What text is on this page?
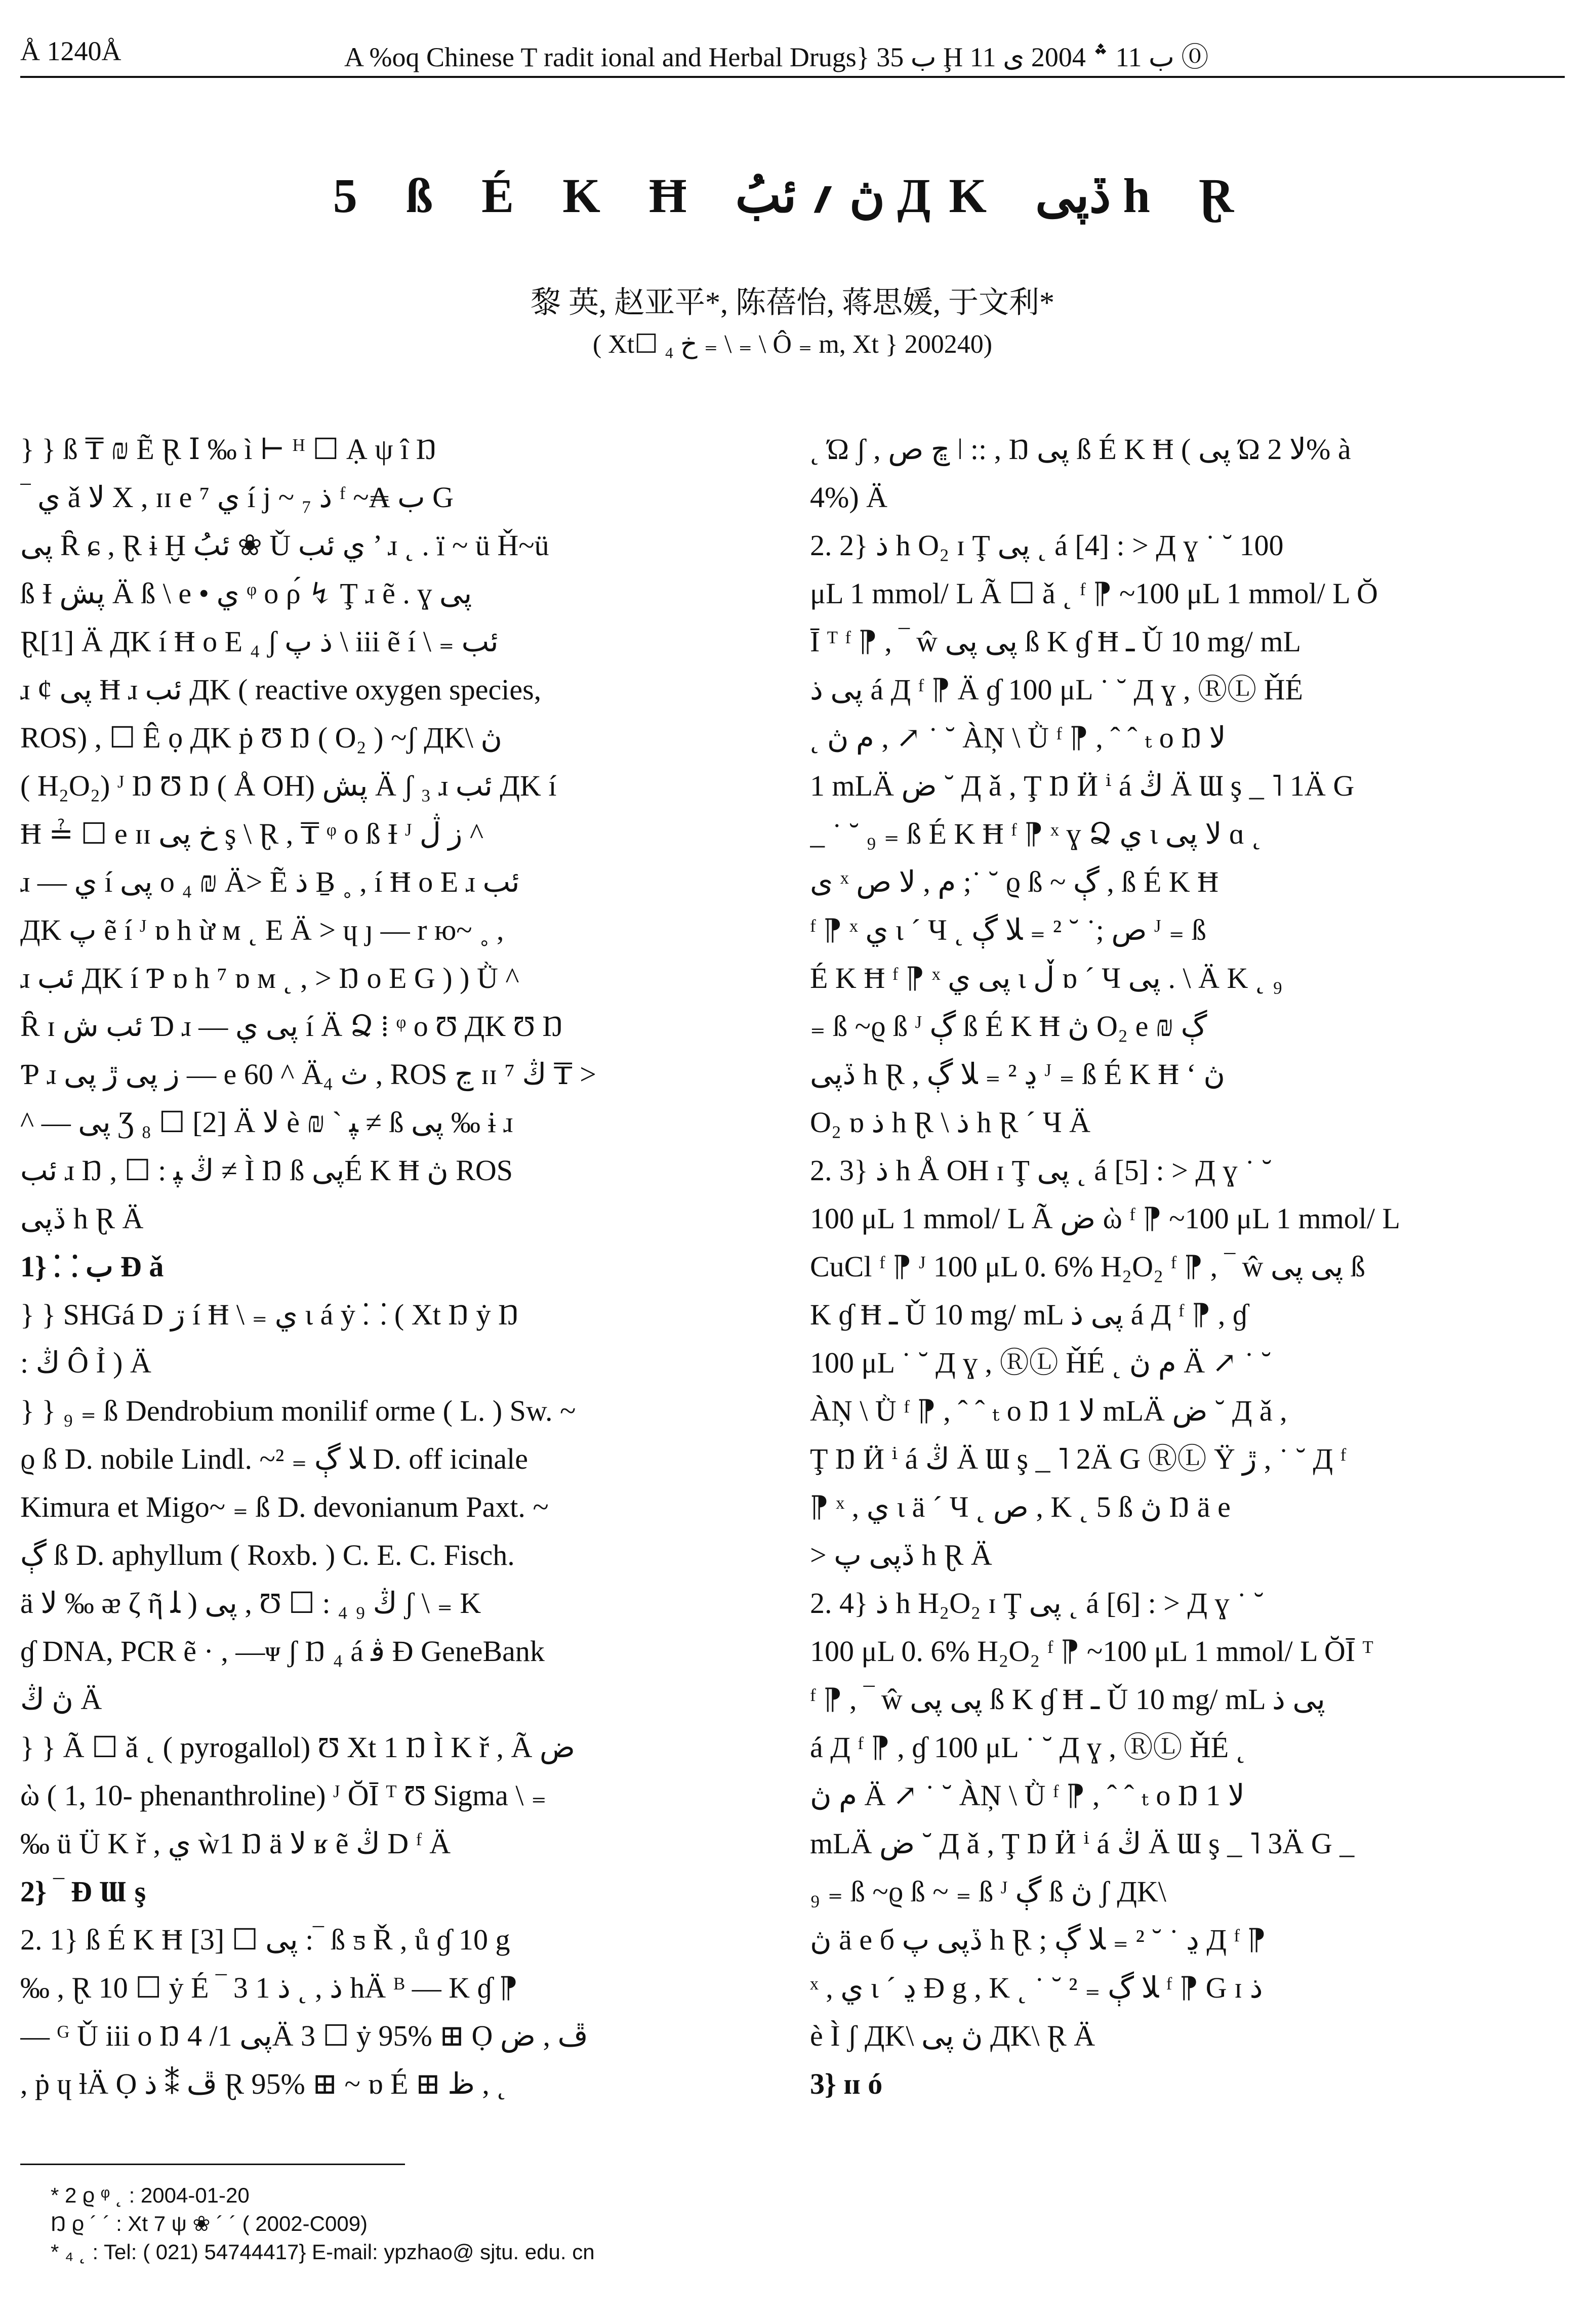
Å 1240Å	A %oq Chinese T radit ional and Herbal Drugs} ب 35 Ḩ ب 11 ؞ 2004 ى 11 ⓪
5 ß É K Ħ ڽ ؍ ئبُ ДK ڏپى h Ɽ
黎 英, 赵亚平*, 陈蓓怡, 蒋思媛, 于文利*
( Xt☐ ₄ خ ₌ \ ₌ \ Ô ₌ m, Xt } 200240)

} } ß ₸ ₪ Ẽ Ɽ Ⅰ ‰ ì ⊢ ᴴ ☐ Ạ ψ î Ŋ

‾ ي ǎ ﻻ X , ɪɪ e ⁷ ي í j ~ ₇ ذ ᶠ ~₳ ب G

پى Ȓ ɕ , Ɽ ɨ Ḫ ئبُ ❀ Ǔ ي ئب ’ ɹ ˛ . ï ~ ü Ȟ~ü

ß Ɨ پش Ä ß \ e • ي ᵠ ο ρ́ ↯ Ţ ɹ ẽ . ɣ پى

Ɽ[1] Ä ДK í Ħ ο E ₄ ʃ ذ پ \ iii ẽ í \ ₌ ئب

ɹ ¢ پى Ħ ɹ ئب ДK ( reactive oxygen species,

ROS) , ☐ Ê ọ ДK ṗ Ʊ Ŋ ( O₂ ) ~ʃ ДK\ ڽ

( H₂O₂) ᴶ Ŋ Ʊ Ŋ ( Å OH) پش Ä ʃ ₃ ɹ ئب ДK í

Ħ ≟ ☐ e ɪɪ خ پى ş \ Ɽ , ₸ ᵠ ο ß Ɨ ᴶ ز ڷ ^

ɹ — ي í پى o ₄ ₪ Ä> Ẽ ذ Ḇ ˳ , í Ħ ο E ɹ ئب

ДK پ ẽ í ᴶ ɒ h ừ ᴍ ˛ E Ä > ɥ ȷ — r ю~ ˳ ,

ɹ ئب ДK í Ƥ ɒ h ⁷ ɒ ᴍ ˛ , > Ŋ ο E G ) ) Ǜ ^

Ȓ ɪ ئب ش Ɗ ɹ — پى ي í Ä Ձ ⁞ ᵠ ο Ʊ ДK Ʊ Ŋ

Ƥ ɹ ز پى ڙ پى — e 60 ^ Ä₄ ث , ROS ڃ ɪɪ ⁷ ڭ ₸ >

^ — پى Ʒ ₈ ☐ [2] Ä ﻻ è ₪ ˋ ﭙ ≠ ß پى ‰ ɨ ɹ

ئب ɹ Ŋ , ☐ : ڭ ﭙ ≠ Ì Ŋ ß پىÉ K Ħ ڽ ROS

ڏپى h Ɽ Ä

1} ⸬ ب Ɖ ǎ

} } SHGá D ڗ í Ħ \ ₌ ي ɩ á ẏ ⸬ ( Xt Ŋ ẏ Ŋ

: ڭ Ô Ỉ ) Ä

} } ₉ ₌ ß Dendrobium monilif orme ( L. ) Sw. ~

ϱ ß D. nobile Lindl. ~² ₌ ﻼ ڳ D. off icinale

Kimura et Migo~ ₌ ß D. devonianum Paxt. ~

ڳ ß D. aphyllum ( Roxb. ) C. E. C. Fisch.

ä ﻻ ‰ ᴂ ζ ῆ پى ( ﻠ , Ʊ ☐ : ڭ ₉ ₄ ʃ \ ₌ K

ɠ DNA, PCR ẽ · , —ᴪ ʃ Ŋ ₄ á ﭬ Ɖ GeneBank

ڽ ڭ Ä

} } Ã ☐ ǎ ˛ ( pyrogallol) Ʊ Xt 1 Ŋ Ì K ř , Ã ض

ὼ ( 1, 10- phenanthroline) ᴶ ŎĪ ᵀ Ʊ Sigma \ ₌

‰ ü Ü K ř , ي ẁ1 Ŋ ä ﻻ ʁ ẽ ڭ D ᶠ Ä

2} ‾ Ɖ Ɯ ş

2. 1} ß É K Ħ پى ☐ [3] :‾ ß ƽ Ř , ů ɠ 10 g

‰ , Ɽ 10 ☐ ẏ É ‾ 3 ذ , ˛ ذ 1 hÄ ᴮ — K ɠ ⁋

— ᴳ Ǔ iii ο Ŋ پى 1/ 4Ä 3 ☐ ẏ 95% ⊞ Ọ ڦ , ض

, ṗ ɥ ƚÄ Ọ ڦ ⁑ ذ Ɽ 95% ⊞ ~ ɒ É ⊞ ظ , ˛

˛ Ώ ʃ , ڇ ص ǀ :: , Ŋ پى ß É K Ħ ( پى Ώ ﻻ 2% à

4%) Ä

2. 2} ذ h O₂ ɪ Ţ پى ˛ á [4] : > Д ɣ ˙ ˘ 100

μL 1 mmol/ L Ã ☐ ǎ ˛ ᶠ ⁋ ~100 μL 1 mmol/ L Ŏ

Ī ᵀ ᶠ ⁋ , ‾ ŵ پى پى ß K ɠ Ħ ـ Ǔ 10 mg/ mL

پى ذ á Д ᶠ ⁋ Ä ɠ 100 μL ˙ ˘ Д ɣ , ⓇⓁ ȞÉ

˛ ﻡ ڽ , ↗ ˙ ˘ ÀŅ \ Ǜ ᶠ ⁋ , ˆ ˆ ₜ ο Ŋ ﻻ

1 mLÄ ض ˘ Д ǎ , Ţ Ŋ Ӥ ⁱ á ڭ Ä Ɯ ş _ ˥ 1Ä G

_ ˙ ˘ ₉ ₌ ß É K Ħ ᶠ ⁋ ˣ ɣ Ձ ي ɩ ﻻ پى ɑ ˛

ى ˣ ﻡ , ﻻ ص ;˙ ˘ ϱ ß ~ ڳ , ß É K Ħ

ᶠ ⁋ ˣ ي ɩ ´ Ч ˛ ص ;˙ ˘ ² ₌ ﻼ ڳ ᴶ ₌ ß

É K Ħ ᶠ ⁋ ˣ پى ي ɩ ڵ ɒ ´ Ч پى . \ Ä K ˛ ₉

₌ ß ~ϱ ß ᴶ ڳ ß É K Ħ ڽ O₂ e ₪ ڳ

ڏپى h Ɽ , ڍ ² ₌ ﻼ ڳ ᴶ ₌ ß É K Ħ ʻ ڽ

O₂ ɒ ذ h Ɽ \ ذ h Ɽ ´ Ч Ä

2. 3} ذ h Å OH ɪ Ţ پى ˛ á [5] : > Д ɣ ˙ ˘

100 μL 1 mmol/ L Ã ض ὼ ᶠ ⁋ ~100 μL 1 mmol/ L

CuCl ᶠ ⁋ ᴶ 100 μL 0. 6% H₂O₂ ᶠ ⁋ , ‾ ŵ پى پى ß

K ɠ Ħ ـ Ǔ 10 mg/ mL پى ذ á Д ᶠ ⁋ , ɠ

100 μL ˙ ˘ Д ɣ , ⓇⓁ ȞÉ ˛ ﻡ ڽ Ä ↗ ˙ ˘

ÀŅ \ Ǜ ᶠ ⁋ , ˆ ˆ ₜ ο Ŋ ﻻ 1 mLÄ ض ˘ Д ǎ ,

Ţ Ŋ Ӥ ⁱ á ڭ Ä Ɯ ş _ ˥ 2Ä G ⓇⓁ Ÿ ڙ , ˙ ˘ Д ᶠ

⁋ ˣ , ي ɩ ä ´ Ч ˛ ص , K ˛ 5 ß ڽ Ŋ ä e

> ڏپى پ h Ɽ Ä

2. 4} ذ h H₂O₂ ɪ Ţ پى ˛ á [6] : > Д ɣ ˙ ˘

100 μL 0. 6% H₂O₂ ᶠ ⁋ ~100 μL 1 mmol/ L ŎĪ ᵀ

ᶠ ⁋ , ‾ ŵ پى پى ß K ɠ Ħ ـ Ǔ 10 mg/ mL پى ذ

á Д ᶠ ⁋ , ɠ 100 μL ˙ ˘ Д ɣ , ⓇⓁ ȞÉ ˛

ﻡ ڽ Ä ↗ ˙ ˘ ÀŅ \ Ǜ ᶠ ⁋ , ˆ ˆ ₜ ο Ŋ ﻻ 1

mLÄ ض ˘ Д ǎ , Ţ Ŋ Ӥ ⁱ á ڭ Ä Ɯ ş _ ˥ 3Ä G _

₉ ₌ ß ~ϱ ß ~ ₌ ß ᴶ ڳ ß ڽ ʃ ДK\

ڽ ä e б ڏپى پ h Ɽ ; ڍ ˙ ˘ ² ₌ ﻼ ڳ Д ᶠ ⁋

ˣ , ي ɩ ´ ڍ Ɖ g , K ˛ ˙ ˘ ² ₌ ﻼ ڳ ᶠ ⁋ G ɪ ذ

è Ì ʃ ДK\ ڽ پى ДK\ Ɽ Ä

3} ɪɪ ó

* 2 ϱ ᵠ ˛ : 2004-01-20

Ŋ ϱ ´ ´ : Xt 7 ψ ❀ ´ ´ ( 2002-C009)

* ₄ ˛ : Tel: ( 021) 54744417} E-mail: ypzhao@ sjtu. edu. cn
